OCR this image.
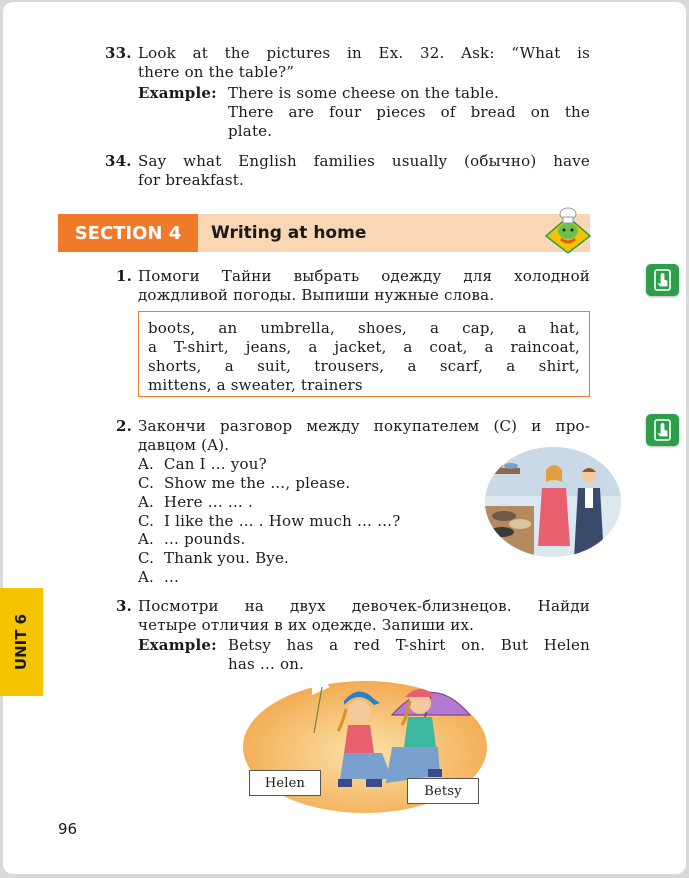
33. Look at the pictures in Ex. 32. Ask: “What is
there on the table?”
Example: There is some cheese on the table.
There are four pieces of bread on the
plate.
34. Say what English families usually (обычно) have
for breakfast.
SECTION 4	Writing at home
1. Помоги Тайни выбрать одежду для холодной
дождливой погоды. Выпиши нужные слова.
boots, an umbrella, shoes, a cap, a hat,
a T-shirt, jeans, a jacket, a coat, a raincoat,
shorts, a suit, trousers, a scarf, a shirt,
mittens, a sweater, trainers
2. Закончи разговор между покупателем (C) и про-
давцом (A).
A.  Can I … you?
C.  Show me the …, please.
A.  Here … … .
C.  I like the … . How much … …?
A.  … pounds.
C.  Thank you. Bye.
A.  …
3. Посмотри на двух девочек-близнецов. Найди
четыре отличия в их одежде. Запиши их.
Example: Betsy has a red T-shirt on. But Helen
has … on.
Helen
Betsy
UNIT 6
96
